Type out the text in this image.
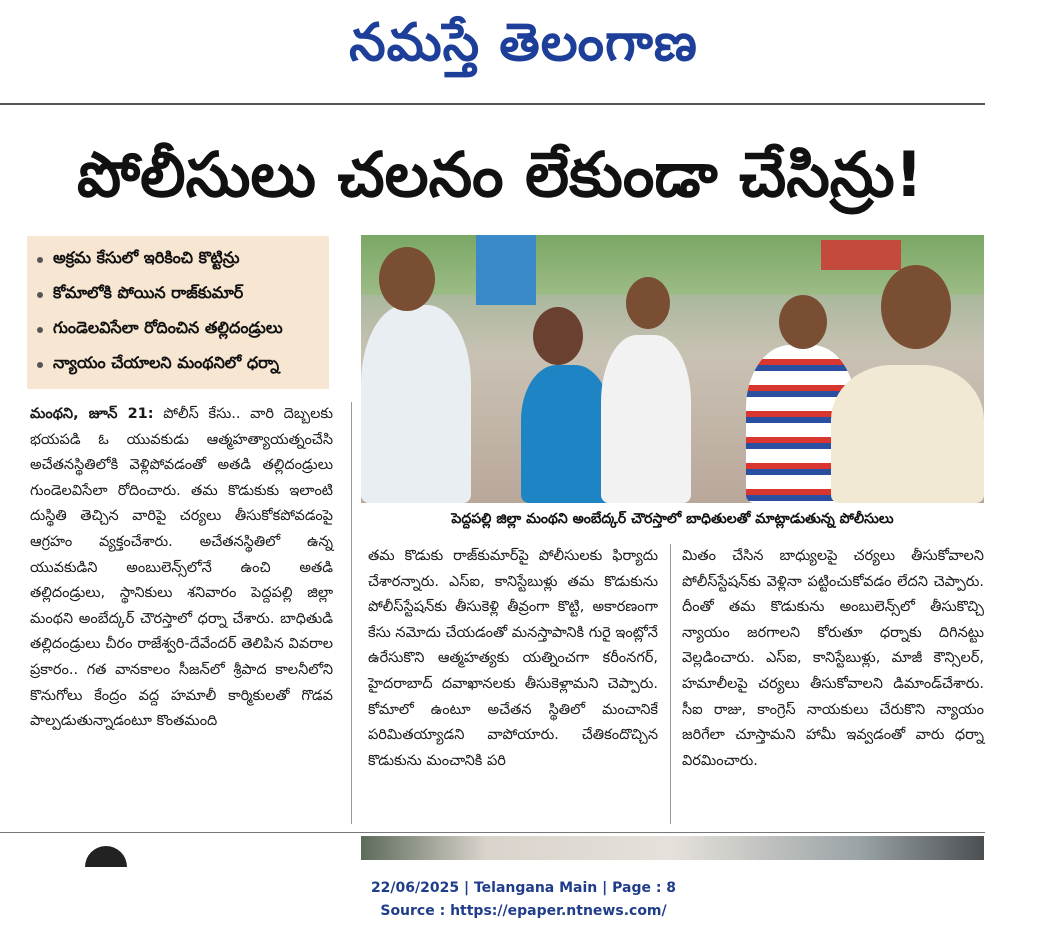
నమస్తే తెలంగాణ
పోలీసులు చలనం లేకుండా చేసిన్రు!
అక్రమ కేసులో ఇరికించి కొట్టిన్రు
కోమాలోకి పోయిన రాజ్‌కుమార్
గుండెలవిసేలా రోదించిన తల్లిదండ్రులు
న్యాయం చేయాలని మంథనిలో ధర్నా
పెద్దపల్లి జిల్లా మంథని అంబేద్కర్ చౌరస్తాలో బాధితులతో మాట్లాడుతున్న పోలీసులు
మంథని, జూన్ 21: పోలీస్ కేసు.. వారి దెబ్బలకు భయపడి ఓ యువకుడు ఆత్మహత్యాయత్నంచేసి అచేతనస్థితిలోకి వెళ్లిపోవడంతో అతడి తల్లిదండ్రులు గుండెలవిసేలా రోదించారు. తమ కొడుకుకు ఇలాంటి దుస్థితి తెచ్చిన వారిపై చర్యలు తీసుకోకపోవడంపై ఆగ్రహం వ్యక్తంచేశారు. అచేతనస్థితిలో ఉన్న యువకుడిని అంబులెన్స్‌లోనే ఉంచి అతడి తల్లిదండ్రులు, స్థానికులు శనివారం పెద్దపల్లి జిల్లా మంథని అంబేద్కర్ చౌరస్తాలో ధర్నా చేశారు. బాధితుడి తల్లిదండ్రులు చీరం రాజేశ్వరి-దేవేందర్ తెలిపిన వివరాల ప్రకారం.. గత వానకాలం సీజన్‌లో శ్రీపాద కాలనీలోని కొనుగోలు కేంద్రం వద్ద హమాలీ కార్మికులతో గొడవ పాల్పడుతున్నాడంటూ కొంతమంది
తమ కొడుకు రాజ్‌కుమార్‌పై పోలీసులకు ఫిర్యాదు చేశారన్నారు. ఎస్ఐ, కానిస్టేబుళ్లు తమ కొడుకును పోలీస్‌స్టేషన్‌కు తీసుకెళ్లి తీవ్రంగా కొట్టి, అకారణంగా కేసు నమోదు చేయడంతో మనస్తాపానికి గురై ఇంట్లోనే ఉరేసుకొని ఆత్మహత్యకు యత్నించగా కరీంనగర్, హైదరాబాద్ దవాఖానలకు తీసుకెళ్లామని చెప్పారు. కోమాలో ఉంటూ అచేతన స్థితిలో మంచానికే పరిమితయ్యాడని వాపోయారు. చేతికందొచ్చిన కొడుకును మంచానికి పరి
మితం చేసిన బాధ్యులపై చర్యలు తీసుకోవాలని పోలీస్‌స్టేషన్‌కు వెళ్లినా పట్టించుకోవడం లేదని చెప్పారు. దీంతో తమ కొడుకును అంబులెన్స్‌లో తీసుకొచ్చి న్యాయం జరగాలని కోరుతూ ధర్నాకు దిగినట్టు వెల్లడించారు. ఎస్ఐ, కానిస్టేబుళ్లు, మాజీ కౌన్సిలర్, హమాలీలపై చర్యలు తీసుకోవాలని డిమాండ్‌చేశారు. సీఐ రాజు, కాంగ్రెస్ నాయకులు చేరుకొని న్యాయం జరిగేలా చూస్తామని హామీ ఇవ్వడంతో వారు ధర్నా విరమించారు.
22/06/2025 | Telangana Main | Page : 8
Source : https://epaper.ntnews.com/
